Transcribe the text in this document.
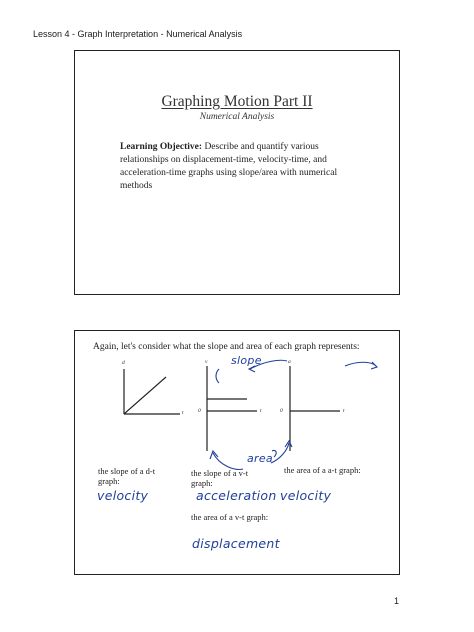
Lesson 4 - Graph Interpretation - Numerical Analysis
Graphing Motion Part II
Numerical Analysis
Learning Objective: Describe and quantify various relationships on displacement-time, velocity-time, and acceleration-time graphs using slope/area with numerical methods
Again, let's consider what the slope and area of each graph represents:
d
t
v
0	t
a
0	t
slope
area
the slope of a d-t graph:
the slope of a v-t graph:
the area of a a-t graph:
the area of a v-t graph:
velocity	acceleration velocity
displacement
1
